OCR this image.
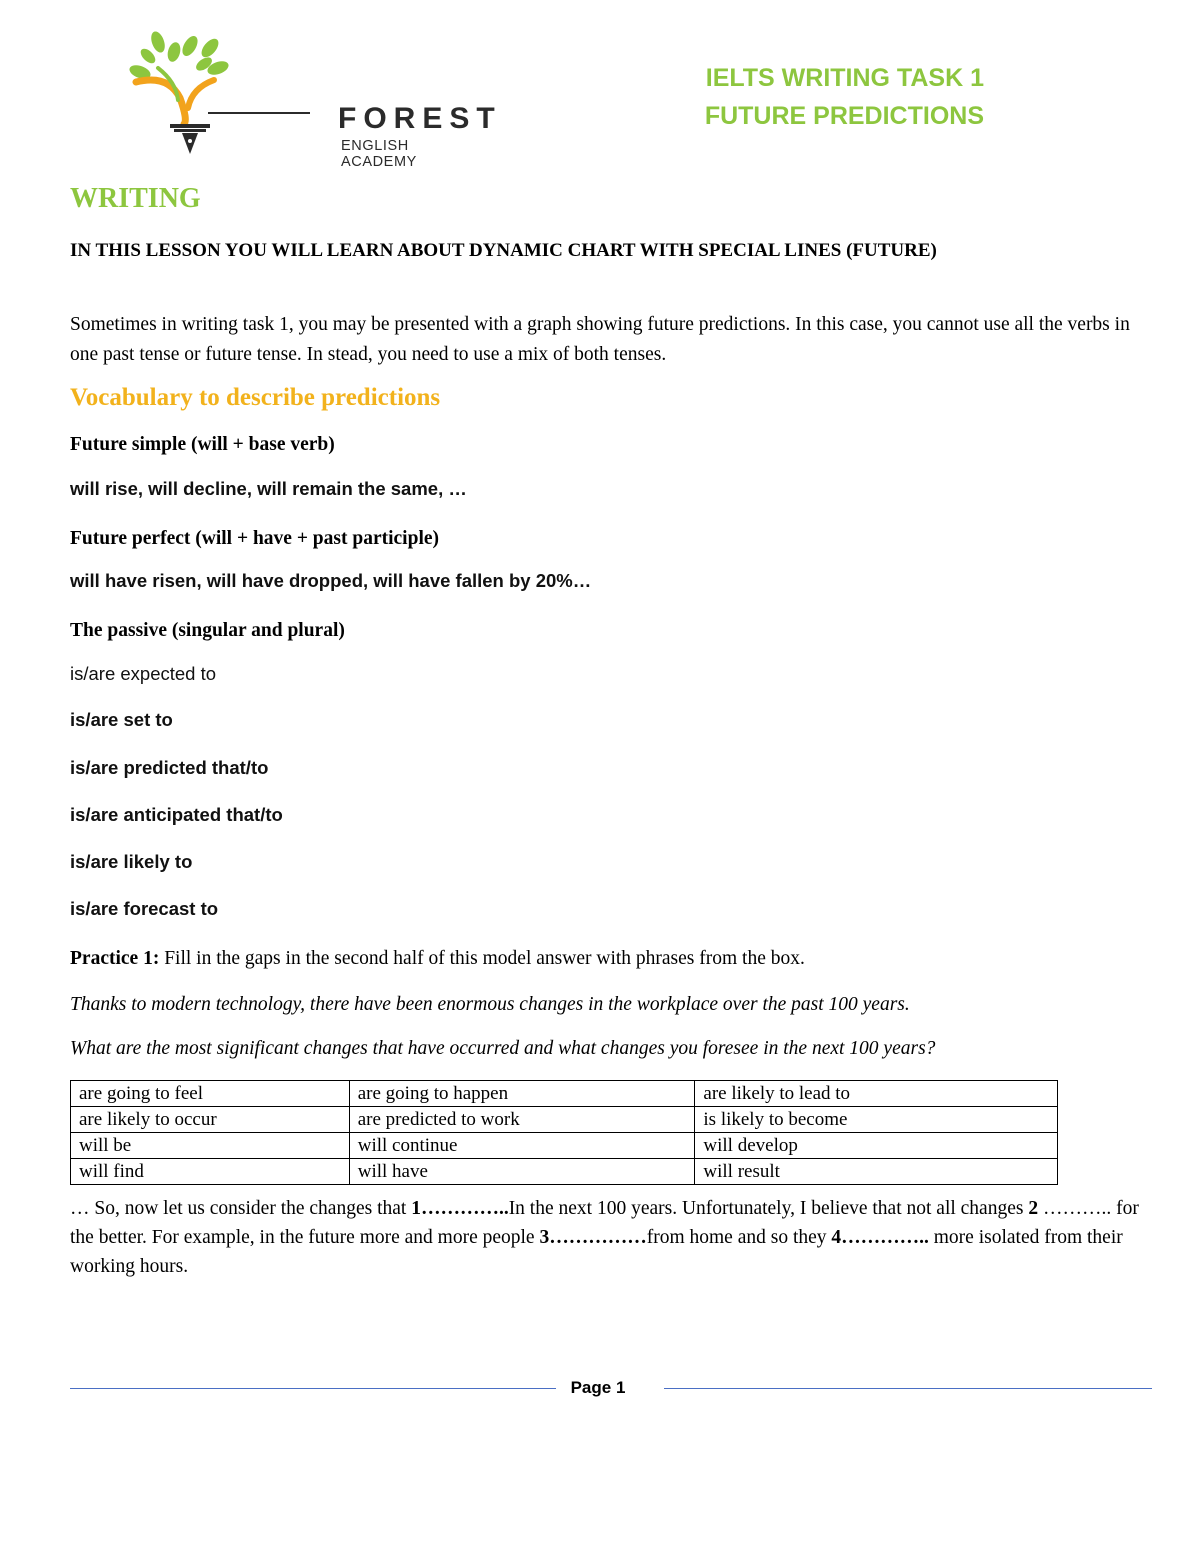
FOREST
ENGLISH ACADEMY
IELTS WRITING TASK 1
FUTURE PREDICTIONS
WRITING
IN THIS LESSON YOU WILL LEARN ABOUT DYNAMIC CHART WITH SPECIAL LINES (FUTURE)
Sometimes in writing task 1, you may be presented with a graph showing future predictions. In this case, you cannot use all the verbs in one past tense or future tense. In stead, you need to use a mix of both tenses.
Vocabulary to describe predictions
Future simple (will + base verb)
will rise, will decline, will remain the same, …
Future perfect (will + have + past participle)
will have risen, will have dropped, will have fallen by 20%…
The passive (singular and plural)
is/are expected to
is/are set to
is/are predicted that/to
is/are anticipated that/to
is/are likely to
is/are forecast to
Practice 1: Fill in the gaps in the second half of this model answer with phrases from the box.
Thanks to modern technology, there have been enormous changes in the workplace over the past 100 years.
What are the most significant changes that have occurred and what changes you foresee in the next 100 years?
are going to feel	are going to happen	are likely to lead to
are likely to occur	are predicted to work	is likely to become
will be	will continue	will develop
will find	will have	will result
… So, now let us consider the changes that 1…………..In the next 100 years. Unfortunately, I believe that not all changes 2 ……….. for the better. For example, in the future more and more people 3……………from home and so they 4………….. more isolated from their working hours.
Page 1
